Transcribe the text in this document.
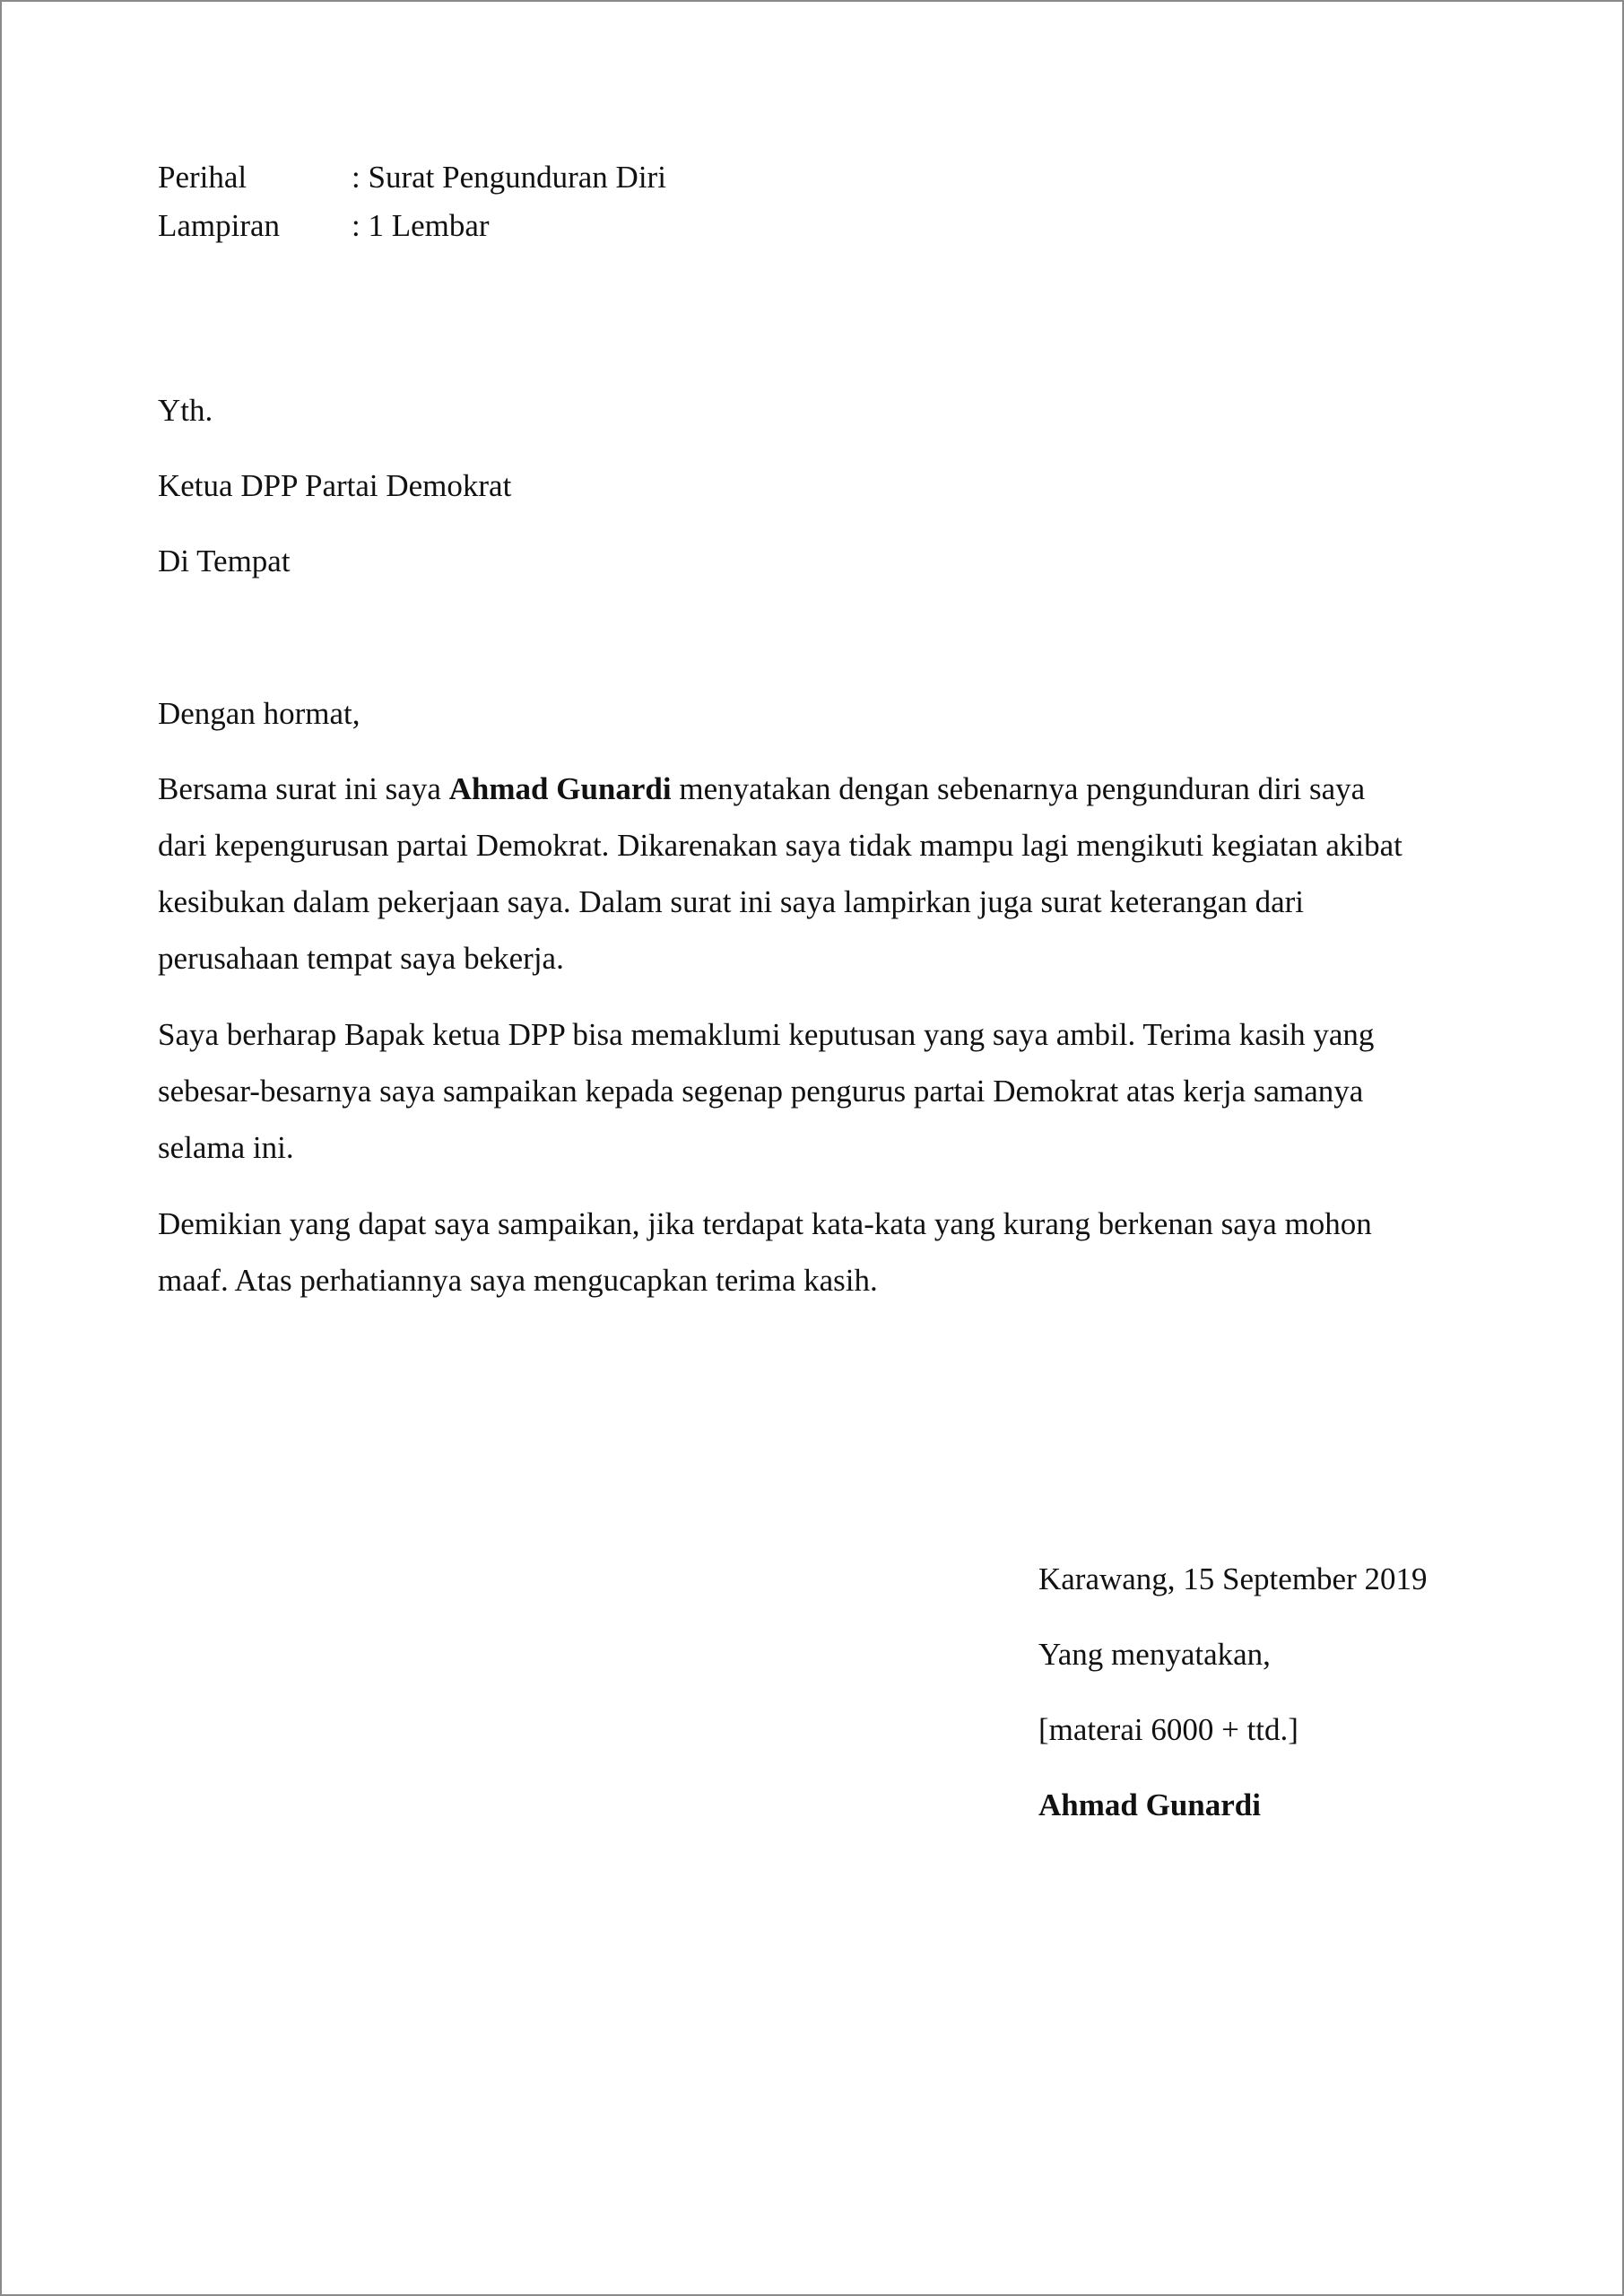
Perihal	: Surat Pengunduran Diri
Lampiran : 1 Lembar
Yth.
Ketua DPP Partai Demokrat
Di Tempat
Dengan hormat,
Bersama surat ini saya Ahmad Gunardi menyatakan dengan sebenarnya pengunduran diri saya
dari kepengurusan partai Demokrat. Dikarenakan saya tidak mampu lagi mengikuti kegiatan akibat
kesibukan dalam pekerjaan saya. Dalam surat ini saya lampirkan juga surat keterangan dari
perusahaan tempat saya bekerja.
Saya berharap Bapak ketua DPP bisa memaklumi keputusan yang saya ambil. Terima kasih yang
sebesar-besarnya saya sampaikan kepada segenap pengurus partai Demokrat atas kerja samanya
selama ini.
Demikian yang dapat saya sampaikan, jika terdapat kata-kata yang kurang berkenan saya mohon
maaf. Atas perhatiannya saya mengucapkan terima kasih.
Karawang, 15 September 2019
Yang menyatakan,
[materai 6000 + ttd.]
Ahmad Gunardi
